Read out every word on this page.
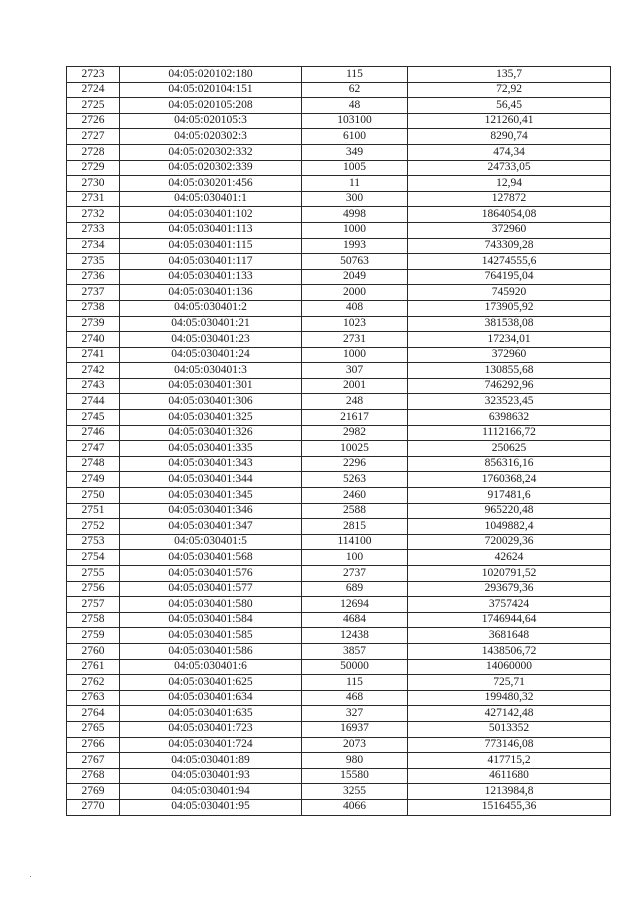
2723	04:05:020102:180	115	135,7
2724	04:05:020104:151	62	72,92
2725	04:05:020105:208	48	56,45
2726	04:05:020105:3	103100	121260,41
2727	04:05:020302:3	6100	8290,74
2728	04:05:020302:332	349	474,34
2729	04:05:020302:339	1005	24733,05
2730	04:05:030201:456	11	12,94
2731	04:05:030401:1	300	127872
2732	04:05:030401:102	4998	1864054,08
2733	04:05:030401:113	1000	372960
2734	04:05:030401:115	1993	743309,28
2735	04:05:030401:117	50763	14274555,6
2736	04:05:030401:133	2049	764195,04
2737	04:05:030401:136	2000	745920
2738	04:05:030401:2	408	173905,92
2739	04:05:030401:21	1023	381538,08
2740	04:05:030401:23	2731	17234,01
2741	04:05:030401:24	1000	372960
2742	04:05:030401:3	307	130855,68
2743	04:05:030401:301	2001	746292,96
2744	04:05:030401:306	248	323523,45
2745	04:05:030401:325	21617	6398632
2746	04:05:030401:326	2982	1112166,72
2747	04:05:030401:335	10025	250625
2748	04:05:030401:343	2296	856316,16
2749	04:05:030401:344	5263	1760368,24
2750	04:05:030401:345	2460	917481,6
2751	04:05:030401:346	2588	965220,48
2752	04:05:030401:347	2815	1049882,4
2753	04:05:030401:5	114100	720029,36
2754	04:05:030401:568	100	42624
2755	04:05:030401:576	2737	1020791,52
2756	04:05:030401:577	689	293679,36
2757	04:05:030401:580	12694	3757424
2758	04:05:030401:584	4684	1746944,64
2759	04:05:030401:585	12438	3681648
2760	04:05:030401:586	3857	1438506,72
2761	04:05:030401:6	50000	14060000
2762	04:05:030401:625	115	725,71
2763	04:05:030401:634	468	199480,32
2764	04:05:030401:635	327	427142,48
2765	04:05:030401:723	16937	5013352
2766	04:05:030401:724	2073	773146,08
2767	04:05:030401:89	980	417715,2
2768	04:05:030401:93	15580	4611680
2769	04:05:030401:94	3255	1213984,8
2770	04:05:030401:95	4066	1516455,36
